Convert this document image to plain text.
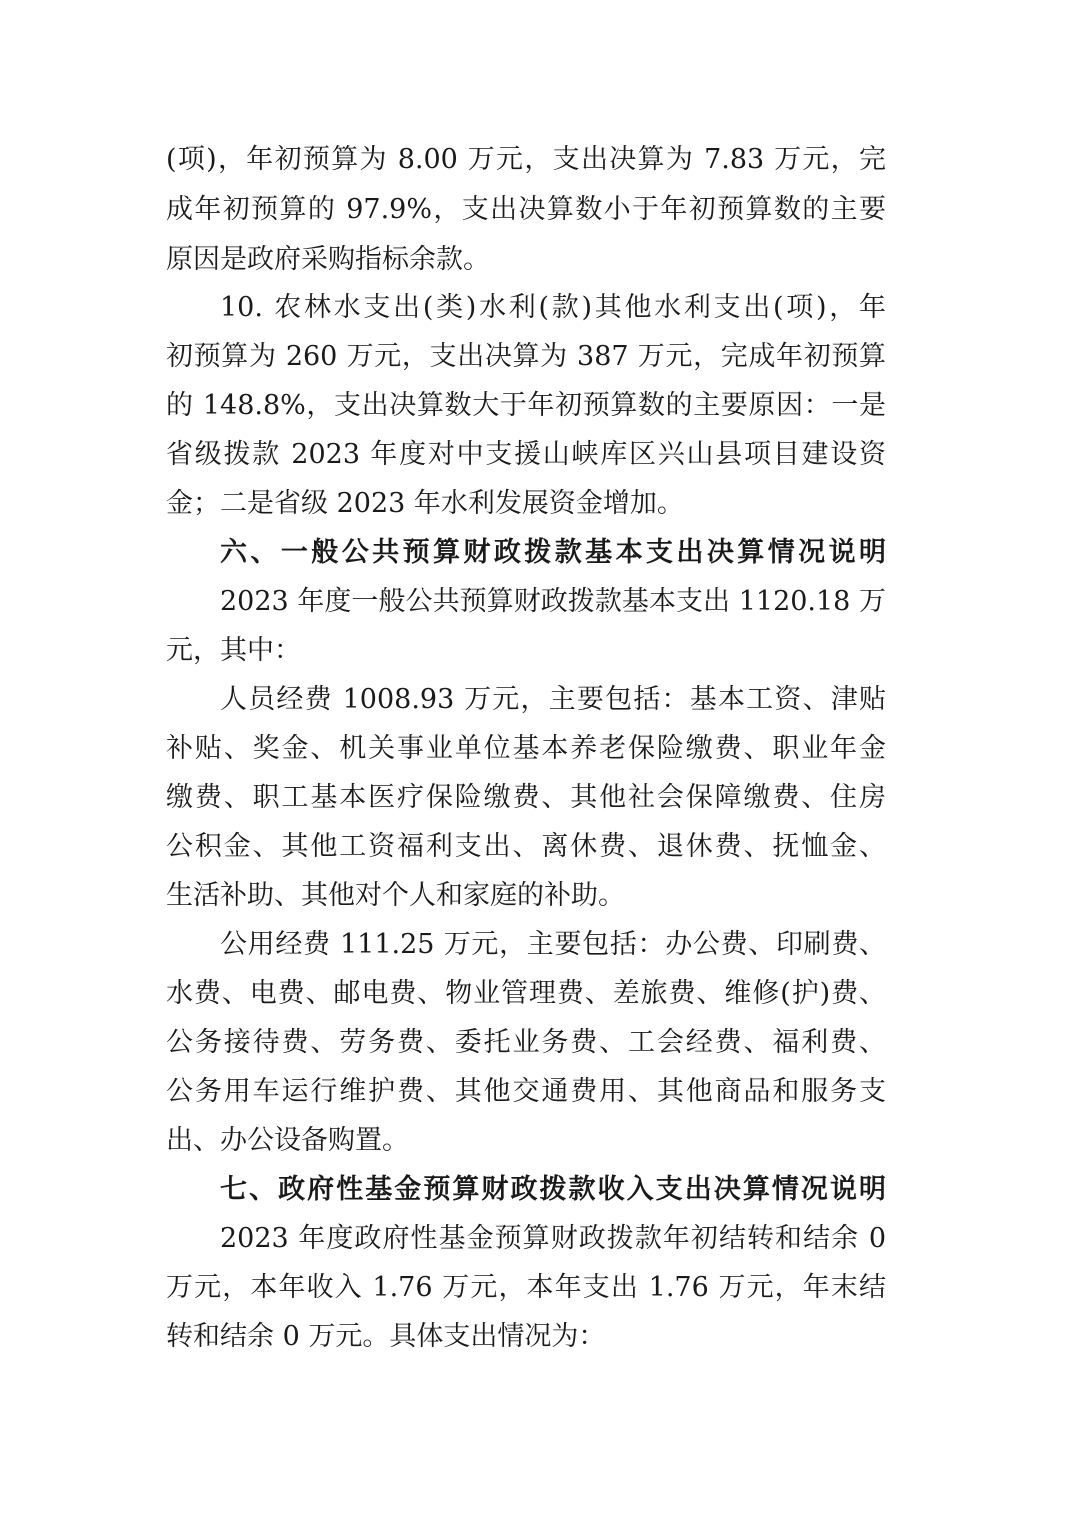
(项)，年初预算为 8.00 万元，支出决算为 7.83 万元，完
成年初预算的 97.9%，支出决算数小于年初预算数的主要
原因是政府采购指标余款。
10. 农林水支出(类)水利(款)其他水利支出(项)，年
初预算为 260 万元，支出决算为 387 万元，完成年初预算
的 148.8%，支出决算数大于年初预算数的主要原因：一是
省级拨款 2023 年度对中支援山峡库区兴山县项目建设资
金；二是省级 2023 年水利发展资金增加。
六、一般公共预算财政拨款基本支出决算情况说明
2023 年度一般公共预算财政拨款基本支出 1120.18 万
元，其中：
人员经费 1008.93 万元，主要包括：基本工资、津贴
补贴、奖金、机关事业单位基本养老保险缴费、职业年金
缴费、职工基本医疗保险缴费、其他社会保障缴费、住房
公积金、其他工资福利支出、离休费、退休费、抚恤金、
生活补助、其他对个人和家庭的补助。
公用经费 111.25 万元，主要包括：办公费、印刷费、
水费、电费、邮电费、物业管理费、差旅费、维修(护)费、
公务接待费、劳务费、委托业务费、工会经费、福利费、
公务用车运行维护费、其他交通费用、其他商品和服务支
出、办公设备购置。
七、政府性基金预算财政拨款收入支出决算情况说明
2023 年度政府性基金预算财政拨款年初结转和结余 0
万元，本年收入 1.76 万元，本年支出 1.76 万元，年末结
转和结余 0 万元。具体支出情况为：
